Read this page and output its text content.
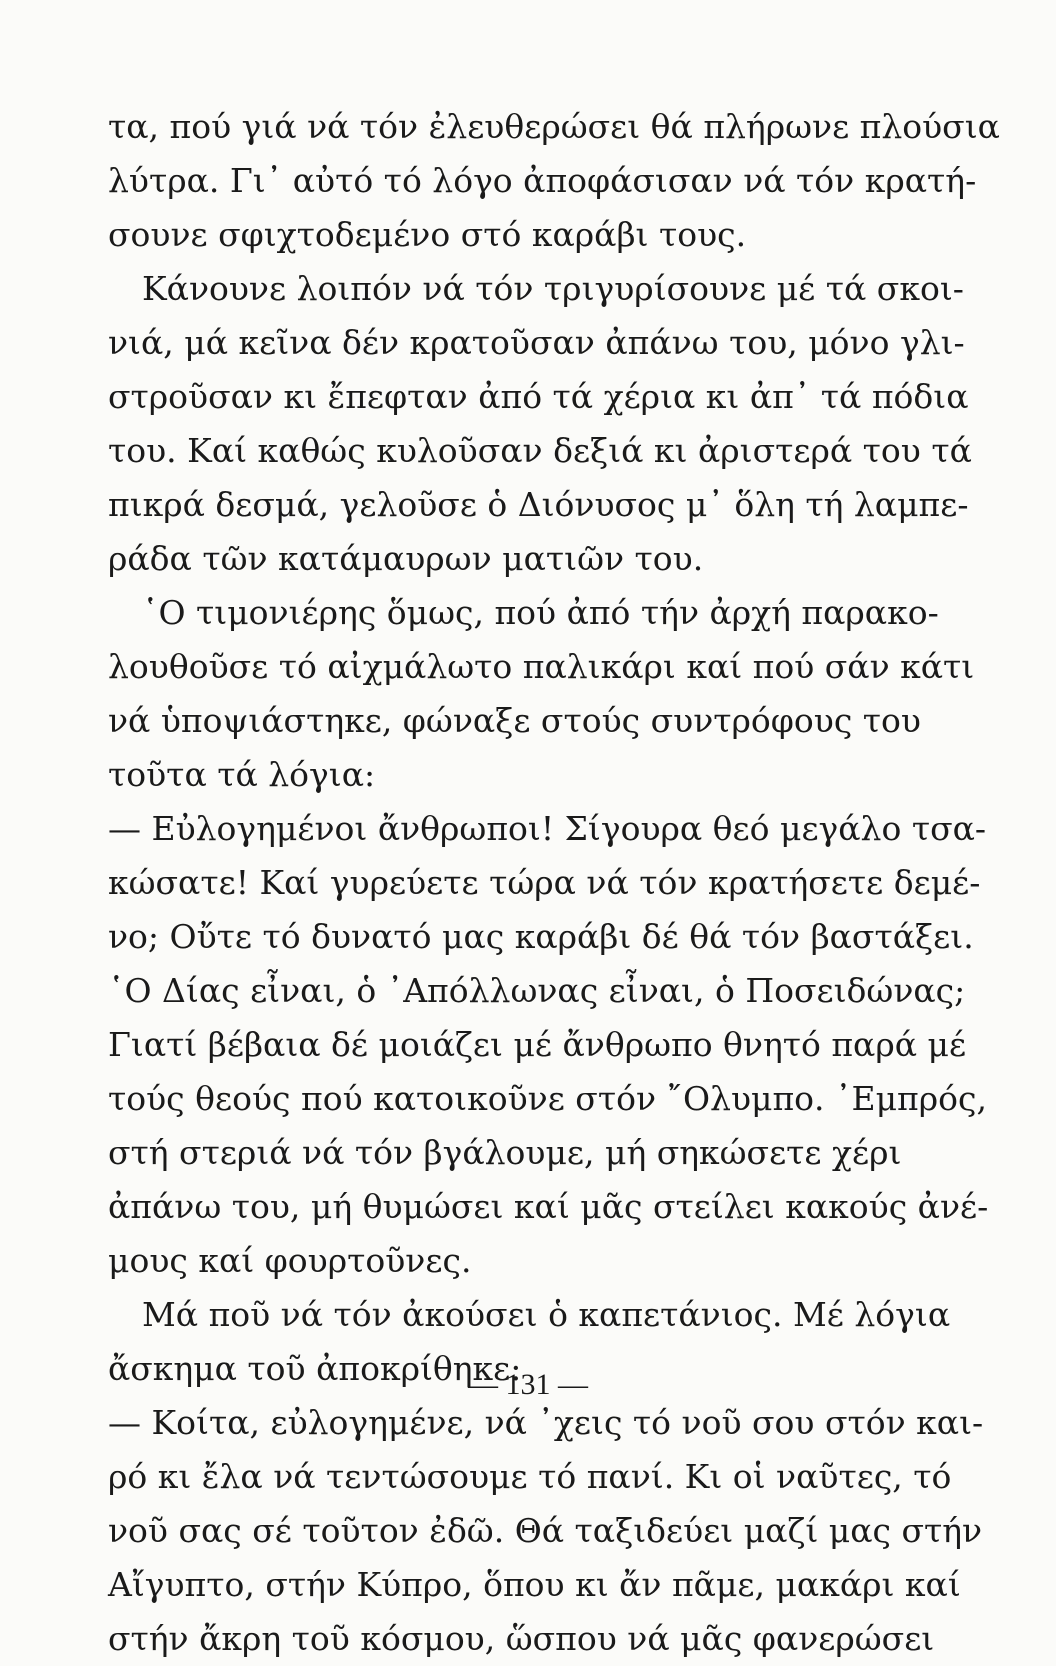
τα, πού γιά νά τόν ἐλευθερώσει θά πλήρωνε πλούσια
λύτρα. Γι᾽ αὐτό τό λόγο ἀποφάσισαν νά τόν κρατή-
σουνε σφιχτοδεμένο στό καράβι τους.
Κάνουνε λοιπόν νά τόν τριγυρίσουνε μέ τά σκοι-
νιά, μά κεῖνα δέν κρατοῦσαν ἀπάνω του, μόνο γλι-
στροῦσαν κι ἔπεφταν ἀπό τά χέρια κι ἀπ᾽ τά πόδια
του. Καί καθώς κυλοῦσαν δεξιά κι ἀριστερά του τά
πικρά δεσμά, γελοῦσε ὁ Διόνυσος μ᾽ ὅλη τή λαμπε-
ράδα τῶν κατάμαυρων ματιῶν του.
῾Ο τιμονιέρης ὅμως, πού ἀπό τήν ἀρχή παρακο-
λουθοῦσε τό αἰχμάλωτο παλικάρι καί πού σάν κάτι
νά ὑποψιάστηκε, φώναξε στούς συντρόφους του
τοῦτα τά λόγια:
— Εὐλογημένοι ἄνθρωποι! Σίγουρα θεό μεγάλο τσα-
κώσατε! Καί γυρεύετε τώρα νά τόν κρατήσετε δεμέ-
νο; Οὔτε τό δυνατό μας καράβι δέ θά τόν βαστάξει.
῾Ο Δίας εἶναι, ὁ ᾽Απόλλωνας εἶναι, ὁ Ποσειδώνας;
Γιατί βέβαια δέ μοιάζει μέ ἄνθρωπο θνητό παρά μέ
τούς θεούς πού κατοικοῦνε στόν ῎Ολυμπο. ᾽Εμπρός,
στή στεριά νά τόν βγάλουμε, μή σηκώσετε χέρι
ἀπάνω του, μή θυμώσει καί μᾶς στείλει κακούς ἀνέ-
μους καί φουρτοῦνες.
Μά ποῦ νά τόν ἀκούσει ὁ καπετάνιος. Μέ λόγια
ἄσκημα τοῦ ἀποκρίθηκε:
— Κοίτα, εὐλογημένε, νά ᾽χεις τό νοῦ σου στόν και-
ρό κι ἔλα νά τεντώσουμε τό πανί. Κι οἱ ναῦτες, τό
νοῦ σας σέ τοῦτον ἐδῶ. Θά ταξιδεύει μαζί μας στήν
Αἴγυπτο, στήν Κύπρο, ὅπου κι ἄν πᾶμε, μακάρι καί
στήν ἄκρη τοῦ κόσμου, ὥσπου νά μᾶς φανερώσει
— 131 —
